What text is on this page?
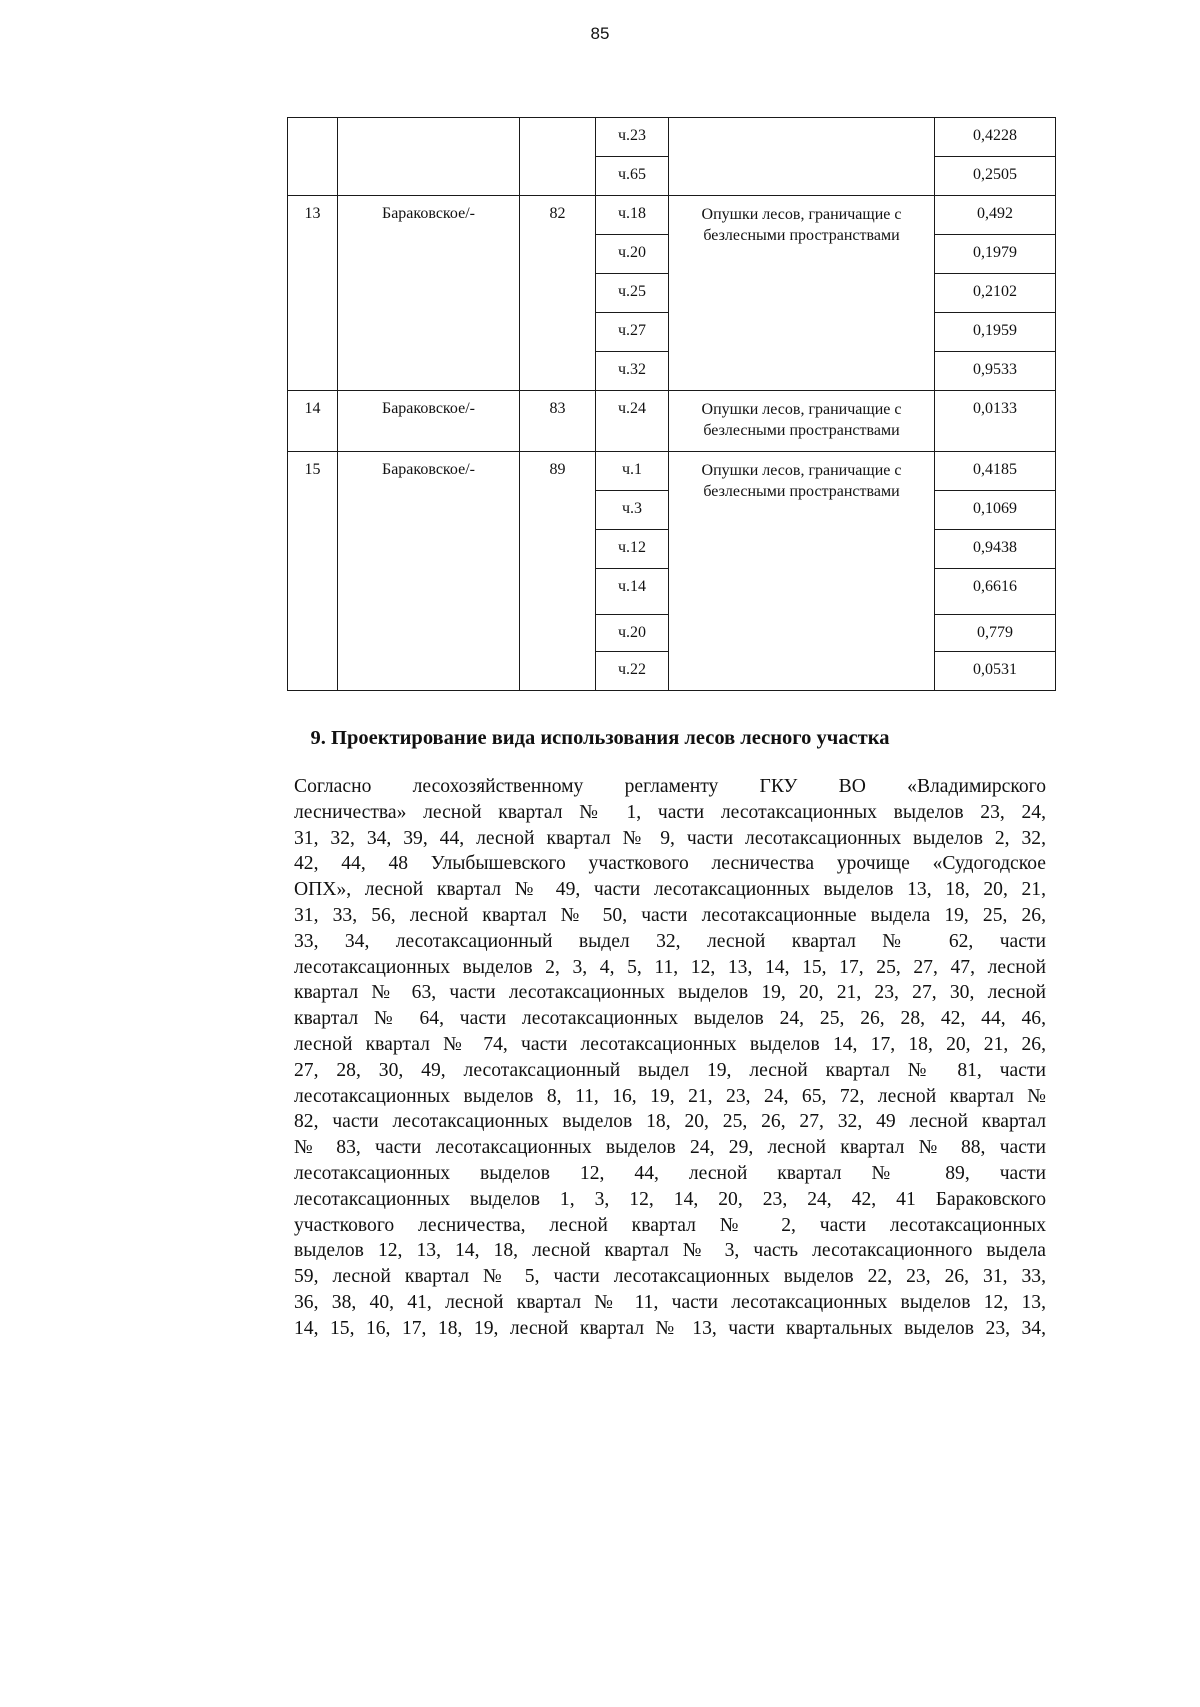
85

			ч.23		0,4228

			ч.65		0,2505

13	Бараковское/-	82	ч.18	Опушки лесов, граничащие с безлесными пространствами	0,492

			ч.20		0,1979

			ч.25		0,2102

			ч.27		0,1959

			ч.32		0,9533

14	Бараковское/-	83	ч.24	Опушки лесов, граничащие с безлесными пространствами	0,0133

15	Бараковское/-	89	ч.1	Опушки лесов, граничащие с безлесными пространствами	0,4185

			ч.3		0,1069

			ч.12		0,9438

			ч.14		0,6616

			ч.20		0,779

			ч.22		0,0531
9. Проектирование вида использования лесов лесного участка
Согласно лесохозяйственному регламенту ГКУ ВО «Владимирского
лесничества» лесной квартал № 1, части лесотаксационных выделов 23, 24,
31, 32, 34, 39, 44, лесной квартал № 9, части лесотаксационных выделов 2, 32,
42, 44, 48 Улыбышевского участкового лесничества урочище «Судогодское
ОПХ», лесной квартал № 49, части лесотаксационных выделов 13, 18, 20, 21,
31, 33, 56, лесной квартал № 50, части лесотаксационные выдела 19, 25, 26,
33, 34, лесотаксационный выдел 32, лесной квартал № 62, части
лесотаксационных выделов 2, 3, 4, 5, 11, 12, 13, 14, 15, 17, 25, 27, 47, лесной
квартал № 63, части лесотаксационных выделов 19, 20, 21, 23, 27, 30, лесной
квартал № 64, части лесотаксационных выделов 24, 25, 26, 28, 42, 44, 46,
лесной квартал № 74, части лесотаксационных выделов 14, 17, 18, 20, 21, 26,
27, 28, 30, 49, лесотаксационный выдел 19, лесной квартал № 81, части
лесотаксационных выделов 8, 11, 16, 19, 21, 23, 24, 65, 72, лесной квартал №
82, части лесотаксационных выделов 18, 20, 25, 26, 27, 32, 49 лесной квартал
№ 83, части лесотаксационных выделов 24, 29, лесной квартал № 88, части
лесотаксационных выделов 12, 44, лесной квартал № 89, части
лесотаксационных выделов 1, 3, 12, 14, 20, 23, 24, 42, 41 Бараковского
участкового лесничества, лесной квартал № 2, части лесотаксационных
выделов 12, 13, 14, 18, лесной квартал № 3, часть лесотаксационного выдела
59, лесной квартал № 5, части лесотаксационных выделов 22, 23, 26, 31, 33,
36, 38, 40, 41, лесной квартал № 11, части лесотаксационных выделов 12, 13,
14, 15, 16, 17, 18, 19, лесной квартал № 13, части квартальных выделов 23, 34,
